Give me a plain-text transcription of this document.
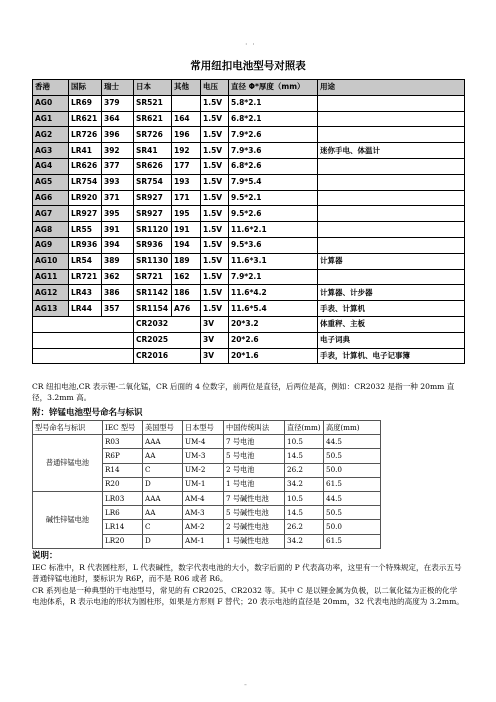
· ·
常用纽扣电池型号对照表
香港	国际	瑞士	日本	其他	电压	直径 Φ*厚度（mm）	用途
AG0	LR69	379	SR521		1.5V	5.8*2.1	
AG1	LR621	364	SR621	164	1.5V	6.8*2.1	
AG2	LR726	396	SR726	196	1.5V	7.9*2.6	
AG3	LR41	392	SR41	192	1.5V	7.9*3.6	迷你手电、体温计
AG4	LR626	377	SR626	177	1.5V	6.8*2.6	
AG5	LR754	393	SR754	193	1.5V	7.9*5.4	
AG6	LR920	371	SR927	171	1.5V	9.5*2.1	
AG7	LR927	395	SR927	195	1.5V	9.5*2.6	
AG8	LR55	391	SR1120	191	1.5V	11.6*2.1	
AG9	LR936	394	SR936	194	1.5V	9.5*3.6	
AG10	LR54	389	SR1130	189	1.5V	11.6*3.1	计算器
AG11	LR721	362	SR721	162	1.5V	7.9*2.1	
AG12	LR43	386	SR1142	186	1.5V	11.6*4.2	计算器、计步器
AG13	LR44	357	SR1154	A76	1.5V	11.6*5.4	手表、计算机
			CR2032		3V	20*3.2	体重秤、主板
			CR2025		3V	20*2.6	电子词典
			CR2016		3V	20*1.6	手表，计算机、电子记事簿
CR 纽扣电池,CR 表示锂-二氧化锰，CR 后面的 4 位数字，前两位是直径，后两位是高，例如：CR2032 是指一种 20mm 直径，3.2mm 高。
附：锌锰电池型号命名与标识
型号命名与标识	IEC 型号	美国型号	日本型号	中国传统叫法	直径(mm)	高度(mm)
普通锌锰电池	R03	AAA	UM-4	7 号电池	10.5	44.5
	R6P	AA	UM-3	5 号电池	14.5	50.5
	R14	C	UM-2	2 号电池	26.2	50.0
	R20	D	UM-1	1 号电池	34.2	61.5
碱性锌锰电池	LR03	AAA	AM-4	7 号碱性电池	10.5	44.5
	LR6	AA	AM-3	5 号碱性电池	14.5	50.5
	LR14	C	AM-2	2 号碱性电池	26.2	50.0
	LR20	D	AM-1	1 号碱性电池	34.2	61.5
说明：
IEC 标准中，R 代表圆柱形，L 代表碱性，数字代表电池的大小，数字后面的 P 代表高功率，这里有一个特殊规定，在表示五号普通锌锰电池时，要标识为 R6P，而不是 R06 或者 R6。
CR 系列也是一种典型的干电池型号，常见的有 CR2025、CR2032 等。其中 C 是以锂金属为负极，以二氧化锰为正极的化学电池体系，R 表示电池的形状为圆柱形，如果是方形则 F 替代；20 表示电池的直径是 20mm，32 代表电池的高度为 3.2mm。
-
